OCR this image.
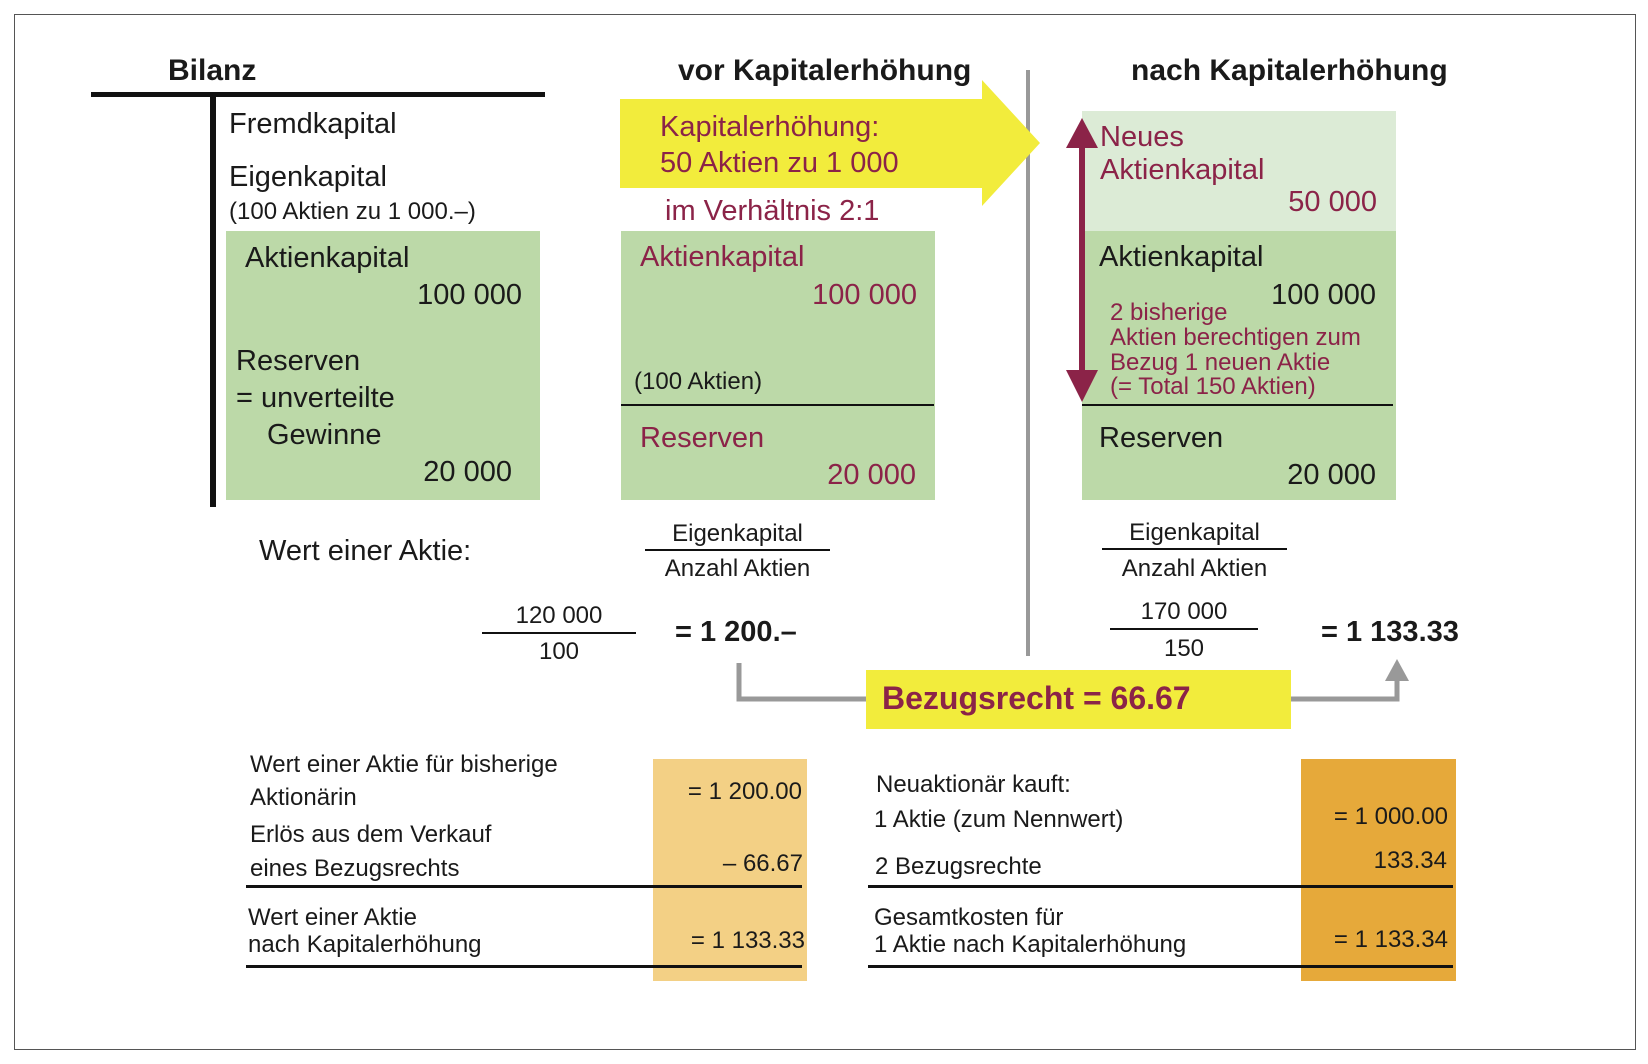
Bilanz	vor Kapitalerhöhung	nach Kapitalerhöhung
Fremdkapital
Eigenkapital
(100 Aktien zu 1 000.–)
Aktienkapital
100 000
Reserven
= unverteilte
Gewinne
20 000
Kapitalerhöhung:
50 Aktien zu 1 000
im Verhältnis 2:1
Aktienkapital
100 000
(100 Aktien)
Reserven
20 000
Neues
Aktienkapital
50 000
Aktienkapital
100 000
2 bisherige
Aktien berechtigen zum
Bezug 1 neuen Aktie
(= Total 150 Aktien)
Reserven
20 000
Wert einer Aktie:
Eigenkapital
Anzahl Aktien
Eigenkapital
Anzahl Aktien
120 000
100
= 1 200.–
170 000
150
= 1 133.33
Bezugsrecht = 66.67
Wert einer Aktie für bisherige
Aktionärin	= 1 200.00
Erlös aus dem Verkauf
eines Bezugsrechts	– 66.67
Wert einer Aktie
nach Kapitalerhöhung	= 1 133.33
Neuaktionär kauft:
1 Aktie (zum Nennwert)	= 1 000.00
2 Bezugsrechte	133.34
Gesamtkosten für
1 Aktie nach Kapitalerhöhung	= 1 133.34
